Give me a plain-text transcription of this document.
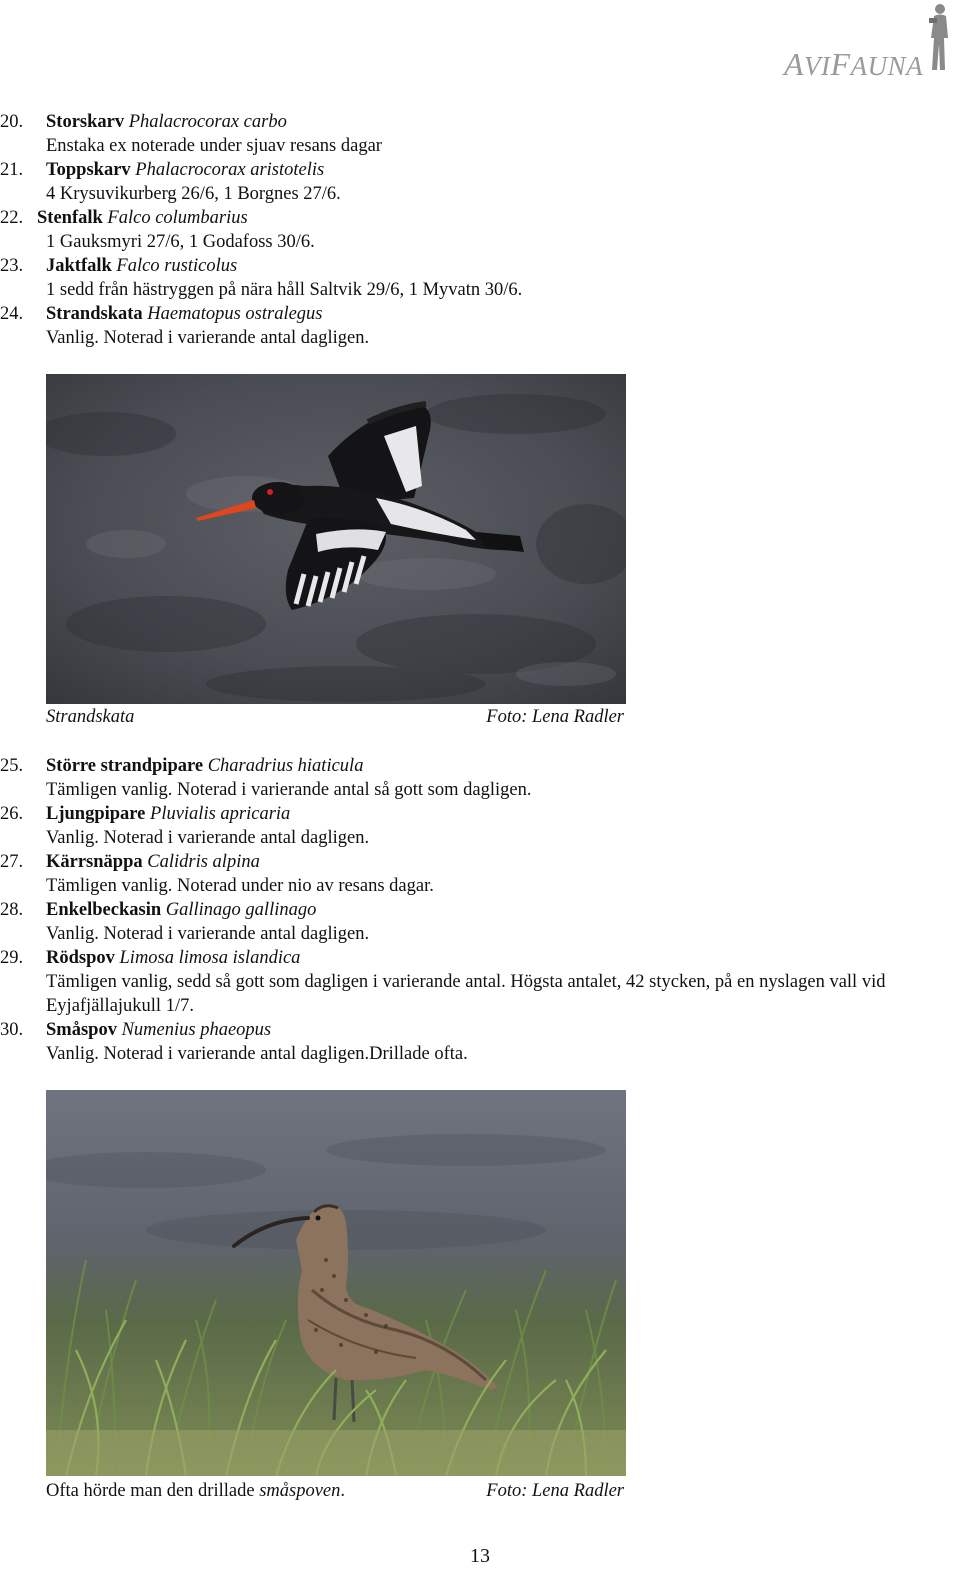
AVIFAUNA
20. Storskarv Phalacrocorax carbo
Enstaka ex noterade under sjuav resans dagar
21. Toppskarv Phalacrocorax aristotelis
4 Krysuvikurberg 26/6, 1 Borgnes 27/6.
22. Stenfalk Falco columbarius
1 Gauksmyri 27/6, 1 Godafoss 30/6.
23. Jaktfalk Falco rusticolus
1 sedd från hästryggen på nära håll Saltvik 29/6, 1 Myvatn 30/6.
24. Strandskata Haematopus ostralegus
Vanlig. Noterad i varierande antal dagligen.
Strandskata	Foto: Lena Radler
25. Större strandpipare Charadrius hiaticula
Tämligen vanlig. Noterad i varierande antal så gott som dagligen.
26. Ljungpipare Pluvialis apricaria
Vanlig. Noterad i varierande antal dagligen.
27. Kärrsnäppa Calidris alpina
Tämligen vanlig. Noterad under nio av resans dagar.
28. Enkelbeckasin Gallinago gallinago
Vanlig. Noterad i varierande antal dagligen.
29. Rödspov Limosa limosa islandica
Tämligen vanlig, sedd så gott som dagligen i varierande antal. Högsta antalet, 42 stycken, på en nyslagen vall vid Eyjafjällajukull 1/7.
30. Småspov Numenius phaeopus
Vanlig. Noterad i varierande antal dagligen.Drillade ofta.
Ofta hörde man den drillade småspoven.	Foto: Lena Radler
13
